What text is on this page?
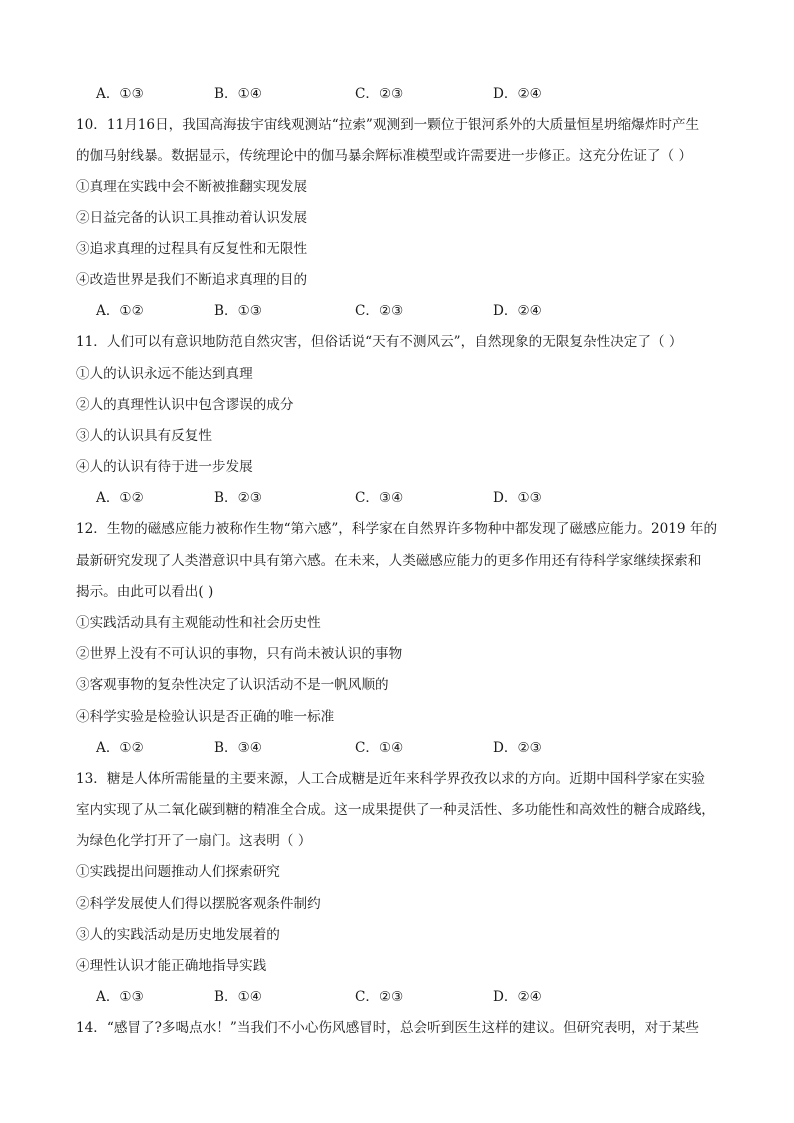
A．①③	B．①④	C．②③	D．②④
10．11月16日，我国高海拔宇宙线观测站“拉索”观测到一颗位于银河系外的大质量恒星坍缩爆炸时产生
的伽马射线暴。数据显示，传统理论中的伽马暴余辉标准模型或许需要进一步修正。这充分佐证了（ ）
①真理在实践中会不断被推翻实现发展
②日益完备的认识工具推动着认识发展
③追求真理的过程具有反复性和无限性
④改造世界是我们不断追求真理的目的
A．①②	B．①③	C．②③	D．②④
11．人们可以有意识地防范自然灾害，但俗话说“天有不测风云”，自然现象的无限复杂性决定了（ ）
①人的认识永远不能达到真理
②人的真理性认识中包含谬误的成分
③人的认识具有反复性
④人的认识有待于进一步发展
A．①②	B．②③	C．③④	D．①③
12．生物的磁感应能力被称作生物“第六感”，科学家在自然界许多物种中都发现了磁感应能力。2019 年的
最新研究发现了人类潜意识中具有第六感。在未来，人类磁感应能力的更多作用还有待科学家继续探索和
揭示。由此可以看出( )
①实践活动具有主观能动性和社会历史性
②世界上没有不可认识的事物，只有尚未被认识的事物
③客观事物的复杂性决定了认识活动不是一帆风顺的
④科学实验是检验认识是否正确的唯一标准
A．①②	B．③④	C．①④	D．②③
13．糖是人体所需能量的主要来源，人工合成糖是近年来科学界孜孜以求的方向。近期中国科学家在实验
室内实现了从二氧化碳到糖的精准全合成。这一成果提供了一种灵活性、多功能性和高效性的糖合成路线，
为绿色化学打开了一扇门。这表明（ ）
①实践提出问题推动人们探索研究
②科学发展使人们得以摆脱客观条件制约
③人的实践活动是历史地发展着的
④理性认识才能正确地指导实践
A．①③	B．①④	C．②③	D．②④
14．“感冒了?多喝点水！”当我们不小心伤风感冒时，总会听到医生这样的建议。但研究表明，对于某些
